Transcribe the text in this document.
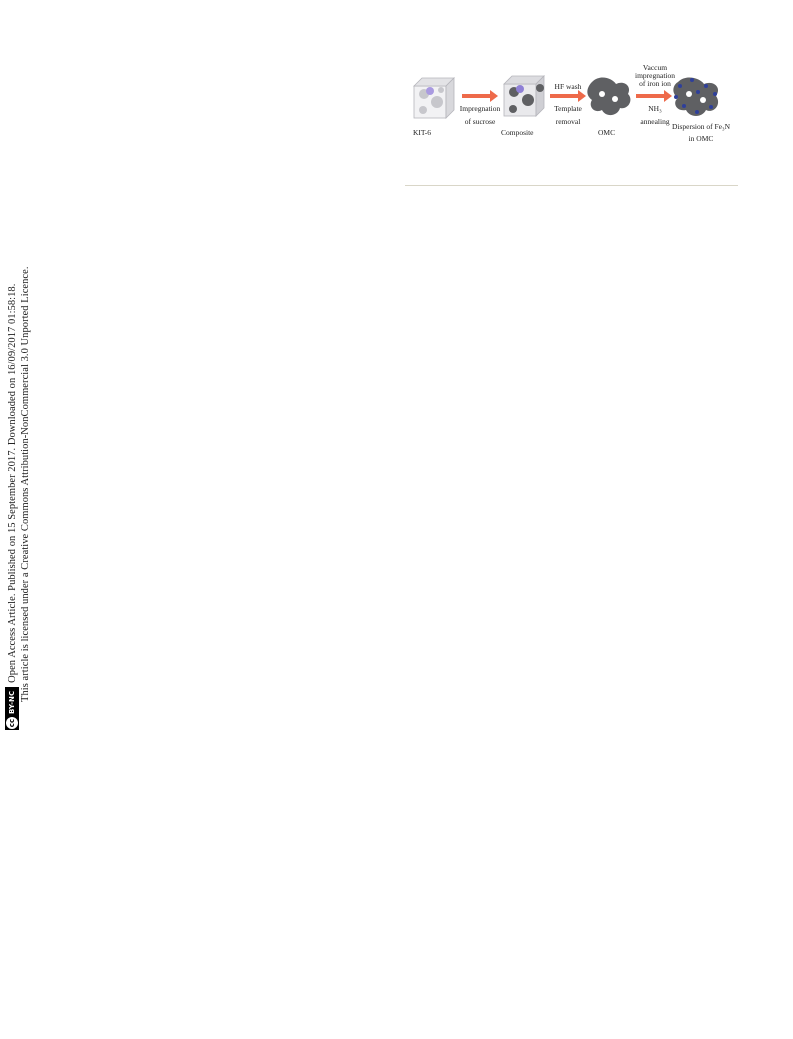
cc
BY-NC
Open Access Article. Published on 15 September 2017. Downloaded on 16/09/2017 01:58:18. This article is licensed under a Creative Commons Attribution-NonCommercial 3.0 Unported Licence.
KIT-6
Impregnation
of sucrose
Composite
HF wash
Template
removal
OMC
Vaccum
impregnation
of iron ion
NH₃
annealing
Dispersion of Fe₃N
in OMC
